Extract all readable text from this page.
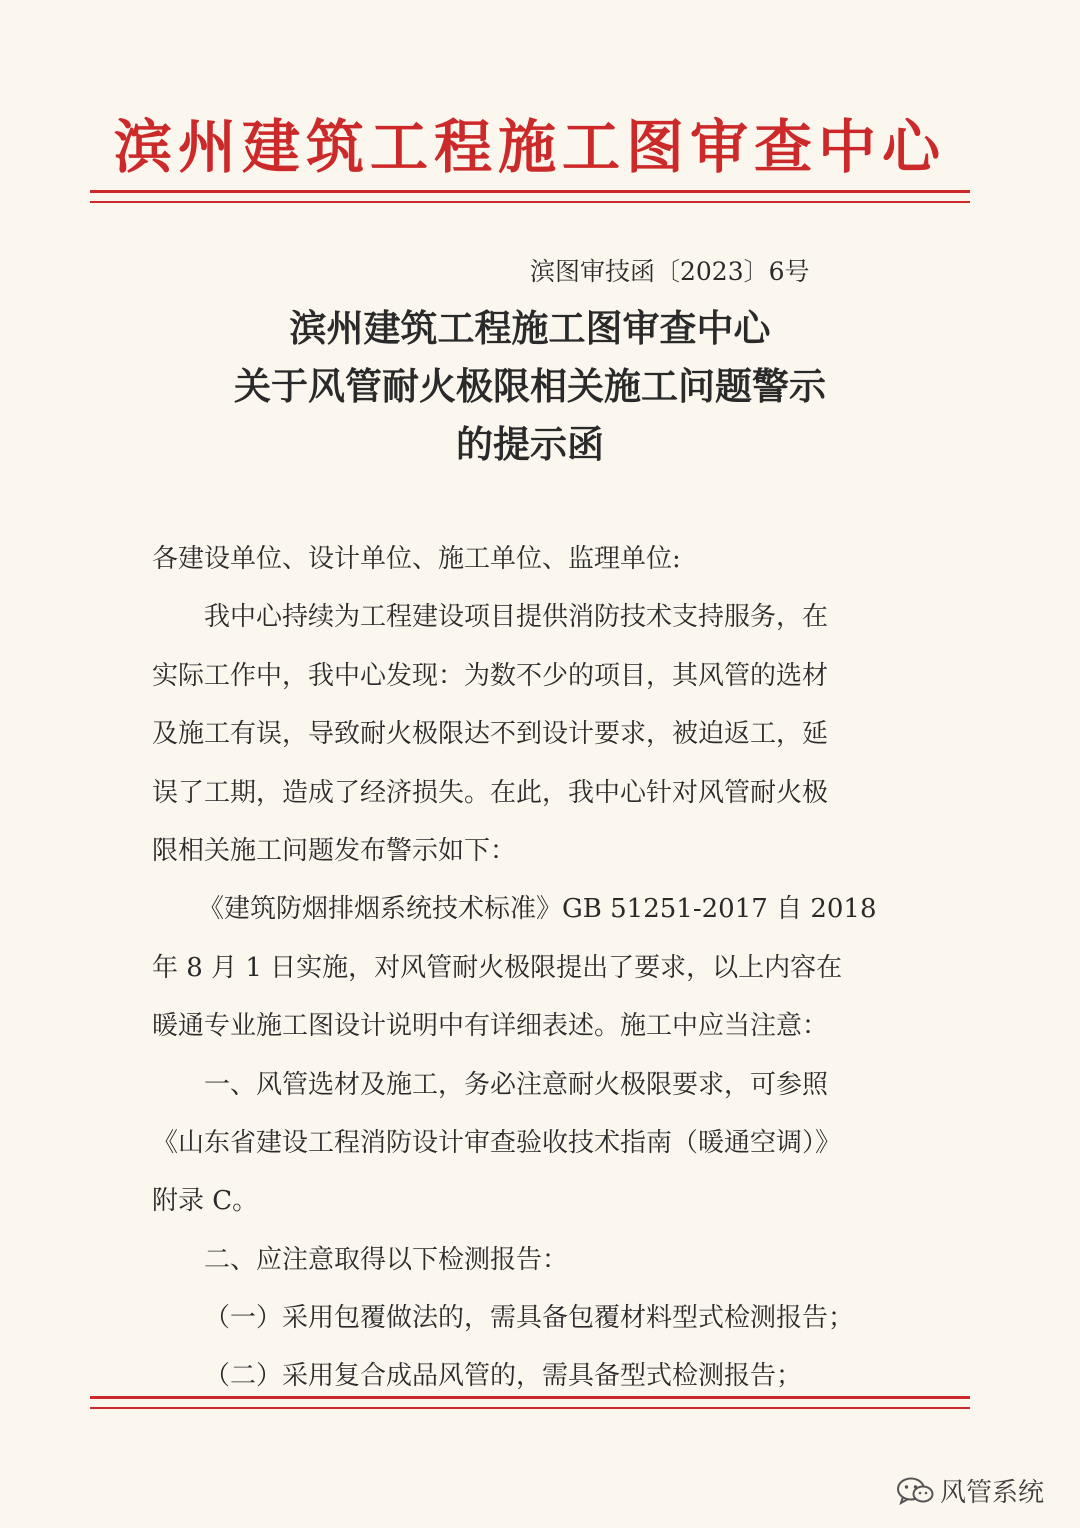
滨州建筑工程施工图审查中心
滨图审技函〔2023〕6号
滨州建筑工程施工图审查中心
关于风管耐火极限相关施工问题警示
的提示函
各建设单位、设计单位、施工单位、监理单位:
我中心持续为工程建设项目提供消防技术支持服务，在
实际工作中，我中心发现：为数不少的项目，其风管的选材
及施工有误，导致耐火极限达不到设计要求，被迫返工，延
误了工期，造成了经济损失。在此，我中心针对风管耐火极
限相关施工问题发布警示如下：
《建筑防烟排烟系统技术标准》GB 51251-2017 自 2018
年 8 月 1 日实施，对风管耐火极限提出了要求，以上内容在
暖通专业施工图设计说明中有详细表述。施工中应当注意：
一、风管选材及施工，务必注意耐火极限要求，可参照
《山东省建设工程消防设计审查验收技术指南（暖通空调）》
附录 C。
二、应注意取得以下检测报告：
（一）采用包覆做法的，需具备包覆材料型式检测报告；
（二）采用复合成品风管的，需具备型式检测报告；
风管系统
